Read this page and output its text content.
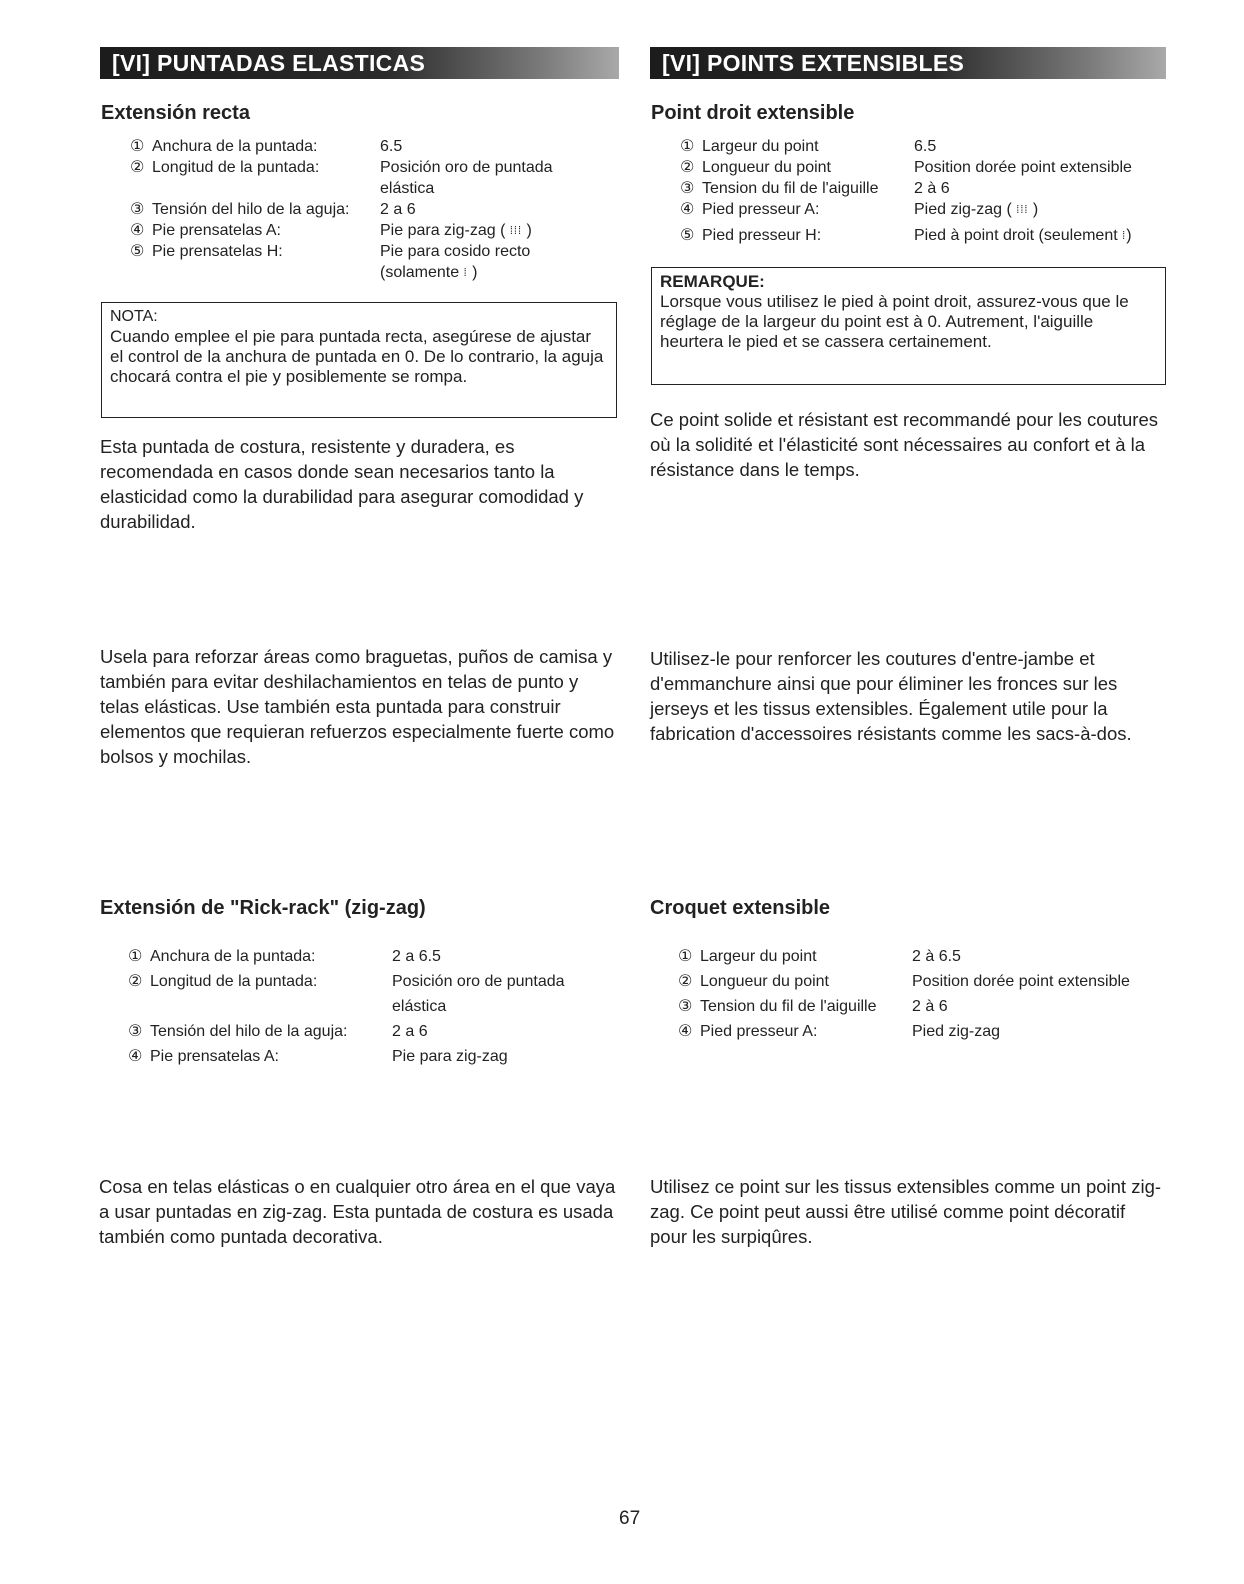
[VI] PUNTADAS ELASTICAS
Extensión recta
① Anchura de la puntada:	6.5
② Longitud de la puntada:	Posición oro de puntada

elástica
③ Tensión del hilo de la aguja: 2 a 6
④ Pie prensatelas A:	Pie para zig-zag ( ⁞⁞⁞ )
⑤ Pie prensatelas H:	Pie para cosido recto

(solamente ⁞ )
NOTA:
Cuando emplee el pie para puntada recta, asegúrese de ajustar el control de la anchura de puntada en 0. De lo contrario, la aguja chocará contra el pie y posiblemente se rompa.
Esta puntada de costura, resistente y duradera, es recomendada en casos donde sean necesarios tanto la elasticidad como la durabilidad para asegurar comodidad y durabilidad.
Usela para reforzar áreas como braguetas, puños de camisa y también para evitar deshilachamientos en telas de punto y telas elásticas. Use también esta puntada para construir elementos que requieran refuerzos especialmente fuerte como bolsos y mochilas.
Extensión de "Rick-rack" (zig-zag)
① Anchura de la puntada:	2 a 6.5
② Longitud de la puntada:	Posición oro de puntada

elástica
③ Tensión del hilo de la aguja:	2 a 6
④ Pie prensatelas A:	Pie para zig-zag
Cosa en telas elásticas o en cualquier otro área en el que vaya a usar puntadas en zig-zag. Esta puntada de costura es usada también como puntada decorativa.
[VI] POINTS EXTENSIBLES
Point droit extensible
① Largeur du point	6.5
② Longueur du point	Position dorée point extensible
③ Tension du fil de l'aiguille 2 à 6
④ Pied presseur A:	Pied zig-zag ( ⁞⁞⁞ )
⑤ Pied presseur H:	Pied à point droit (seulement ⁞)
REMARQUE:
Lorsque vous utilisez le pied à point droit, assurez-vous que le réglage de la largeur du point est à 0. Autrement, l'aiguille heurtera le pied et se cassera certainement.
Ce point solide et résistant est recommandé pour les coutures où la solidité et l'élasticité sont nécessaires au confort et à la résistance dans le temps.
Utilisez-le pour renforcer les coutures d'entre-jambe et d'emmanchure ainsi que pour éliminer les fronces sur les jerseys et les tissus extensibles. Également utile pour la fabrication d'accessoires résistants comme les sacs-à-dos.
Croquet extensible
① Largeur du point	2 à 6.5
② Longueur du point	Position dorée point extensible
③ Tension du fil de l'aiguille 2 à 6
④ Pied presseur A:	Pied zig-zag
Utilisez ce point sur les tissus extensibles comme un point zig-zag. Ce point peut aussi être utilisé comme point décoratif pour les surpiqûres.
67
